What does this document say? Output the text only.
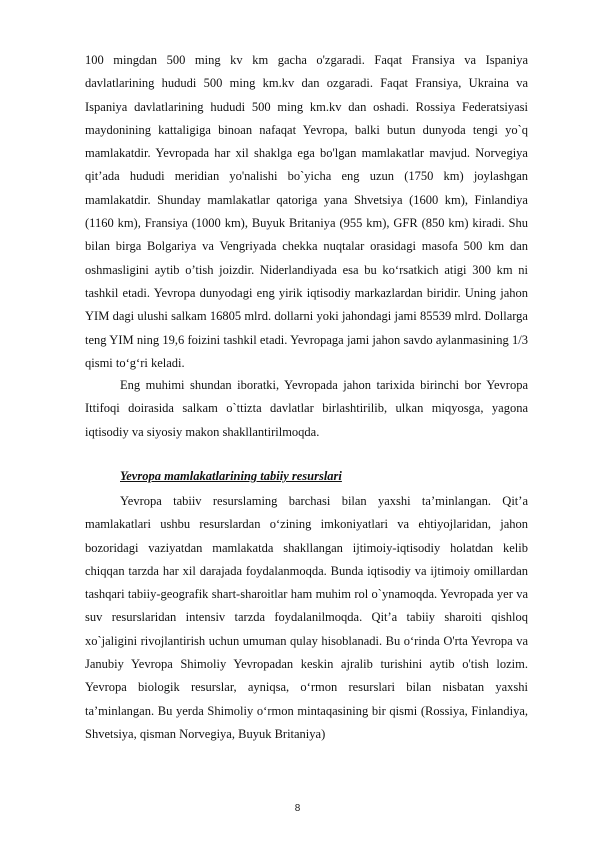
100 mingdan 500 ming kv km gacha o'zgaradi. Faqat Fransiya va Ispaniya davlatlarining hududi 500 ming km.kv dan ozgaradi. Faqat Fransiya, Ukraina va Ispaniya davlatlarining hududi 500 ming km.kv dan oshadi. Rossiya Federatsiyasi maydonining kattaligiga binoan nafaqat Yevropa, balki butun dunyoda tengi yo`q mamlakatdir. Yevropada har xil shaklga ega bo'lgan mamlakatlar mavjud. Norvegiya qit’ada hududi meridian yo'nalishi bo`yicha eng uzun (1750 km) joylashgan mamlakatdir. Shunday mamlakatlar qatoriga yana Shvetsiya (1600 km), Finlandiya (1160 km), Fransiya (1000 km), Buyuk Britaniya (955 km), GFR (850 km) kiradi. Shu bilan birga Bolgariya va Vengriyada chekka nuqtalar orasidagi masofa 500 km dan oshmasligini aytib o’tish joizdir. Niderlandiyada esa bu ko‘rsatkich atigi 300 km ni tashkil etadi. Yevropa dunyodagi eng yirik iqtisodiy markazlardan biridir. Uning jahon YIM dagi ulushi salkam 16805 mlrd. dollarni yoki jahondagi jami 85539 mlrd. Dollarga teng YIM ning 19,6 foizini tashkil etadi. Yevropaga jami jahon savdo aylanmasining 1/3 qismi to‘g‘ri keladi.

Eng muhimi shundan iboratki, Yevropada jahon tarixida birinchi bor Yevropa Ittifoqi doirasida salkam o`ttizta davlatlar birlashtirilib, ulkan miqyosga, yagona iqtisodiy va siyosiy makon shakllantirilmoqda.

Yevropa mamlakatlarining tabiiy resurslari

Yevropa tabiiv resurslaming barchasi bilan yaxshi ta’minlangan. Qit’a mamlakatlari ushbu resurslardan o‘zining imkoniyatlari va ehtiyojlaridan, jahon bozoridagi vaziyatdan mamlakatda shakllangan ijtimoiy-iqtisodiy holatdan kelib chiqqan tarzda har xil darajada foydalanmoqda. Bunda iqtisodiy va ijtimoiy omillardan tashqari tabiiy-geografik shart-sharoitlar ham muhim rol o`ynamoqda. Yevropada yer va suv resurslaridan intensiv tarzda foydalanilmoqda. Qit’a tabiiy sharoiti qishloq xo`jaligini rivojlantirish uchun umuman qulay hisoblanadi. Bu o‘rinda O'rta Yevropa va Janubiy Yevropa Shimoliy Yevropadan keskin ajralib turishini aytib o'tish lozim. Yevropa biologik resurslar, ayniqsa, o‘rmon resurslari bilan nisbatan yaxshi ta’minlangan. Bu yerda Shimoliy o‘rmon mintaqasining bir qismi (Rossiya, Finlandiya, Shvetsiya, qisman Norvegiya, Buyuk Britaniya)

8
